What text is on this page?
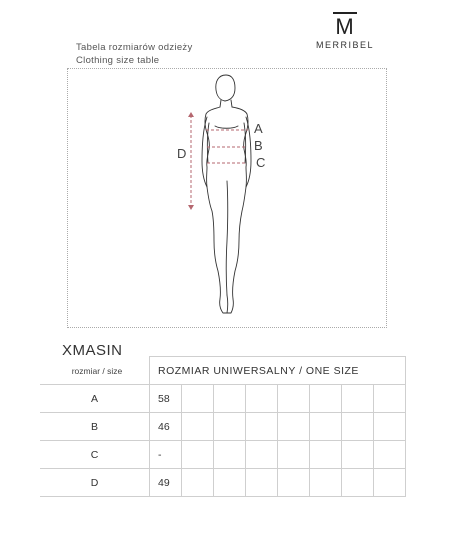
M
MERRIBEL
Tabela rozmiarów odzieży
Clothing size table
A
B
C
D
XMASIN
	ROZMIAR UNIWERSALNY / ONE SIZE							
A	58							
B	46							
C	-							
D	49							
rozmiar / size
